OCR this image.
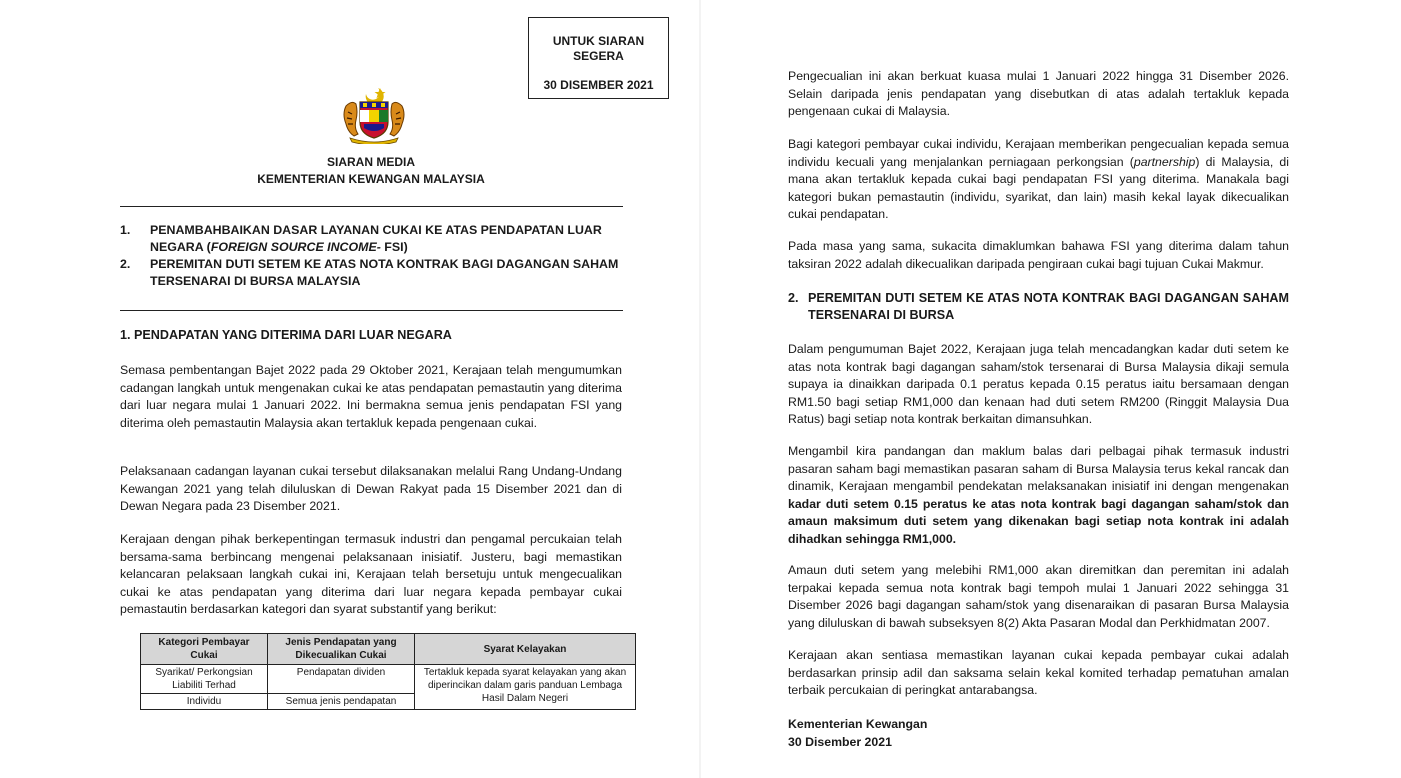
UNTUK SIARAN
SEGERA
30 DISEMBER 2021
SIARAN MEDIA
KEMENTERIAN KEWANGAN MALAYSIA
1. PENAMBAHBAIKAN DASAR LAYANAN CUKAI KE ATAS PENDAPATAN LUAR NEGARA (FOREIGN SOURCE INCOME- FSI)
2. PEREMITAN DUTI SETEM KE ATAS NOTA KONTRAK BAGI DAGANGAN SAHAM TERSENARAI DI BURSA MALAYSIA
1. PENDAPATAN YANG DITERIMA DARI LUAR NEGARA

Semasa pembentangan Bajet 2022 pada 29 Oktober 2021, Kerajaan telah mengumumkan cadangan langkah untuk mengenakan cukai ke atas pendapatan pemastautin yang diterima dari luar negara mulai 1 Januari 2022. Ini bermakna semua jenis pendapatan FSI yang diterima oleh pemastautin Malaysia akan tertakluk kepada pengenaan cukai.

Pelaksanaan cadangan layanan cukai tersebut dilaksanakan melalui Rang Undang-Undang Kewangan 2021 yang telah diluluskan di Dewan Rakyat pada 15 Disember 2021 dan di Dewan Negara pada 23 Disember 2021.

Kerajaan dengan pihak berkepentingan termasuk industri dan pengamal percukaian telah bersama-sama berbincang mengenai pelaksanaan inisiatif. Justeru, bagi memastikan kelancaran pelaksaan langkah cukai ini, Kerajaan telah bersetuju untuk mengecualikan cukai ke atas pendapatan yang diterima dari luar negara kepada pembayar cukai pemastautin berdasarkan kategori dan syarat substantif yang berikut:

Kategori Pembayar Cukai	Jenis Pendapatan yang Dikecualikan Cukai	Syarat Kelayakan
Syarikat/ Perkongsian Liabiliti Terhad	Pendapatan dividen	Tertakluk kepada syarat kelayakan yang akan diperincikan dalam garis panduan Lembaga Hasil Dalam Negeri
Individu	Semua jenis pendapatan	

Pengecualian ini akan berkuat kuasa mulai 1 Januari 2022 hingga 31 Disember 2026. Selain daripada jenis pendapatan yang disebutkan di atas adalah tertakluk kepada pengenaan cukai di Malaysia.

Bagi kategori pembayar cukai individu, Kerajaan memberikan pengecualian kepada semua individu kecuali yang menjalankan perniagaan perkongsian (partnership) di Malaysia, di mana akan tertakluk kepada cukai bagi pendapatan FSI yang diterima. Manakala bagi kategori bukan pemastautin (individu, syarikat, dan lain) masih kekal layak dikecualikan cukai pendapatan.

Pada masa yang sama, sukacita dimaklumkan bahawa FSI yang diterima dalam tahun taksiran 2022 adalah dikecualikan daripada pengiraan cukai bagi tujuan Cukai Makmur.

2. PEREMITAN DUTI SETEM KE ATAS NOTA KONTRAK BAGI DAGANGAN SAHAM TERSENARAI DI BURSA

Dalam pengumuman Bajet 2022, Kerajaan juga telah mencadangkan kadar duti setem ke atas nota kontrak bagi dagangan saham/stok tersenarai di Bursa Malaysia dikaji semula supaya ia dinaikkan daripada 0.1 peratus kepada 0.15 peratus iaitu bersamaan dengan RM1.50 bagi setiap RM1,000 dan kenaan had duti setem RM200 (Ringgit Malaysia Dua Ratus) bagi setiap nota kontrak berkaitan dimansuhkan.

Mengambil kira pandangan dan maklum balas dari pelbagai pihak termasuk industri pasaran saham bagi memastikan pasaran saham di Bursa Malaysia terus kekal rancak dan dinamik, Kerajaan mengambil pendekatan melaksanakan inisiatif ini dengan mengenakan kadar duti setem 0.15 peratus ke atas nota kontrak bagi dagangan saham/stok dan amaun maksimum duti setem yang dikenakan bagi setiap nota kontrak ini adalah dihadkan sehingga RM1,000.

Amaun duti setem yang melebihi RM1,000 akan diremitkan dan peremitan ini adalah terpakai kepada semua nota kontrak bagi tempoh mulai 1 Januari 2022 sehingga 31 Disember 2026 bagi dagangan saham/stok yang disenaraikan di pasaran Bursa Malaysia yang diluluskan di bawah subseksyen 8(2) Akta Pasaran Modal dan Perkhidmatan 2007.

Kerajaan akan sentiasa memastikan layanan cukai kepada pembayar cukai adalah berdasarkan prinsip adil dan saksama selain kekal komited terhadap pematuhan amalan terbaik percukaian di peringkat antarabangsa.

Kementerian Kewangan
30 Disember 2021
